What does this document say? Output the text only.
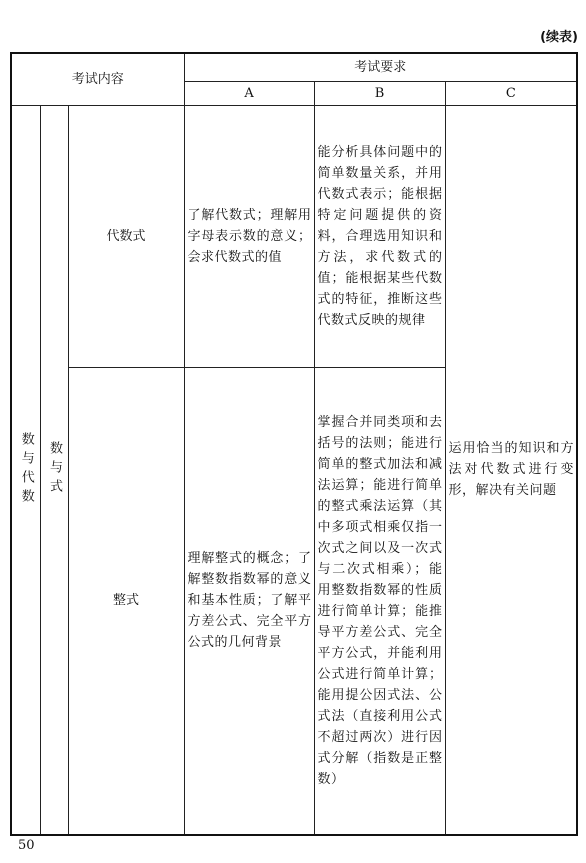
(续表)
考试内容			考试要求		
			A	B	C

数与代数	数与式	代数式	了解代数式；理解用字母表示数的意义；会求代数式的值	能分析具体问题中的简单数量关系，并用代数式表示；能根据特定问题提供的资料，合理选用知识和方法，求代数式的值；能根据某些代数式的特征，推断这些代数式反映的规律	运用恰当的知识和方法对代数式进行变形，解决有关问题
		整式	理解整式的概念；了解整数指数幂的意义和基本性质；了解平方差公式、完全平方公式的几何背景	掌握合并同类项和去括号的法则；能进行简单的整式加法和减法运算；能进行简单的整式乘法运算（其中多项式相乘仅指一次式之间以及一次式与二次式相乘）；能用整数指数幂的性质进行简单计算；能推导平方差公式、完全平方公式，并能利用公式进行简单计算；能用提公因式法、公式法（直接利用公式不超过两次）进行因式分解（指数是正整数）	
50
